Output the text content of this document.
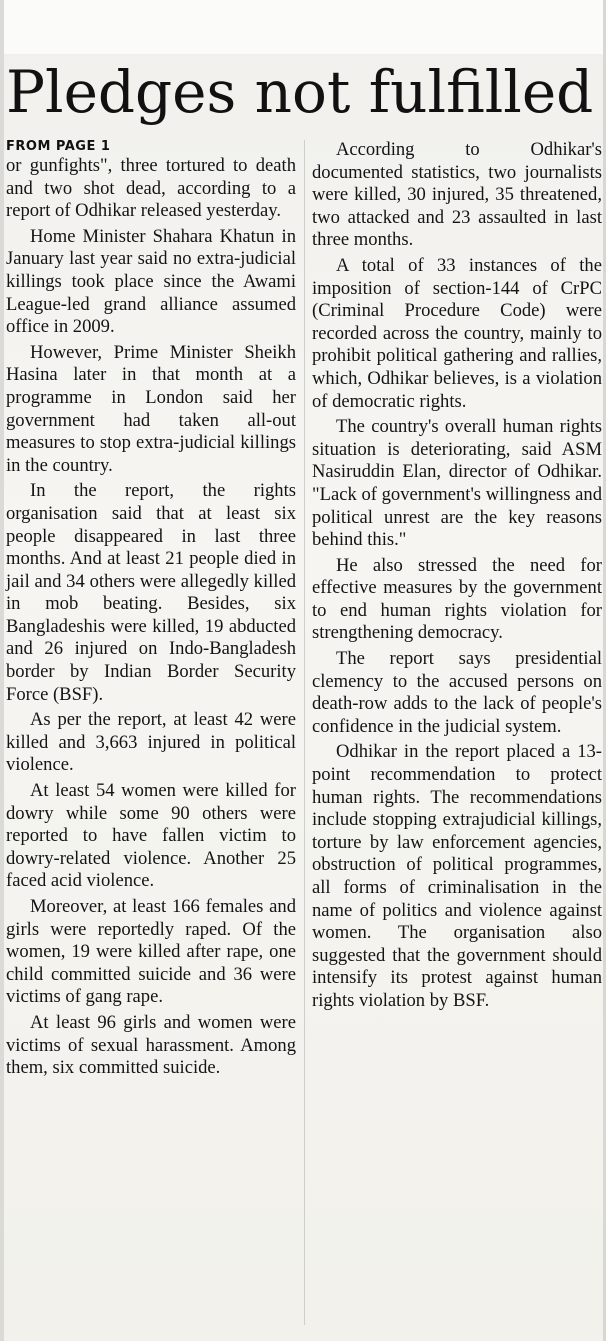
Pledges not fulfilled
FROM PAGE 1

or gunfights", three tortured to death and two shot dead, according to a report of Odhikar released yesterday.

Home Minister Shahara Khatun in January last year said no extra-judicial killings took place since the Awami League-led grand alliance assumed office in 2009.

However, Prime Minister Sheikh Hasina later in that month at a programme in London said her government had taken all-out measures to stop extra-judicial killings in the country.

In the report, the rights organisation said that at least six people disappeared in last three months. And at least 21 people died in jail and 34 others were allegedly killed in mob beating. Besides, six Bangladeshis were killed, 19 abducted and 26 injured on Indo-Bangladesh border by Indian Border Security Force (BSF).

As per the report, at least 42 were killed and 3,663 injured in political violence.

At least 54 women were killed for dowry while some 90 others were reported to have fallen victim to dowry-related violence. Another 25 faced acid violence.

Moreover, at least 166 females and girls were reportedly raped. Of the women, 19 were killed after rape, one child committed suicide and 36 were victims of gang rape.

At least 96 girls and women were victims of sexual harassment. Among them, six committed suicide.

According to Odhikar's documented statistics, two journalists were killed, 30 injured, 35 threatened, two attacked and 23 assaulted in last three months.

A total of 33 instances of the imposition of section-144 of CrPC (Criminal Procedure Code) were recorded across the country, mainly to prohibit political gathering and rallies, which, Odhikar believes, is a violation of democratic rights.

The country's overall human rights situation is deteriorating, said ASM Nasiruddin Elan, director of Odhikar. "Lack of government's willingness and political unrest are the key reasons behind this."

He also stressed the need for effective measures by the government to end human rights violation for strengthening democracy.

The report says presidential clemency to the accused persons on death-row adds to the lack of people's confidence in the judicial system.

Odhikar in the report placed a 13-point recommendation to protect human rights. The recommendations include stopping extrajudicial killings, torture by law enforcement agencies, obstruction of political programmes, all forms of criminalisation in the name of politics and violence against women. The organisation also suggested that the government should intensify its protest against human rights violation by BSF.
